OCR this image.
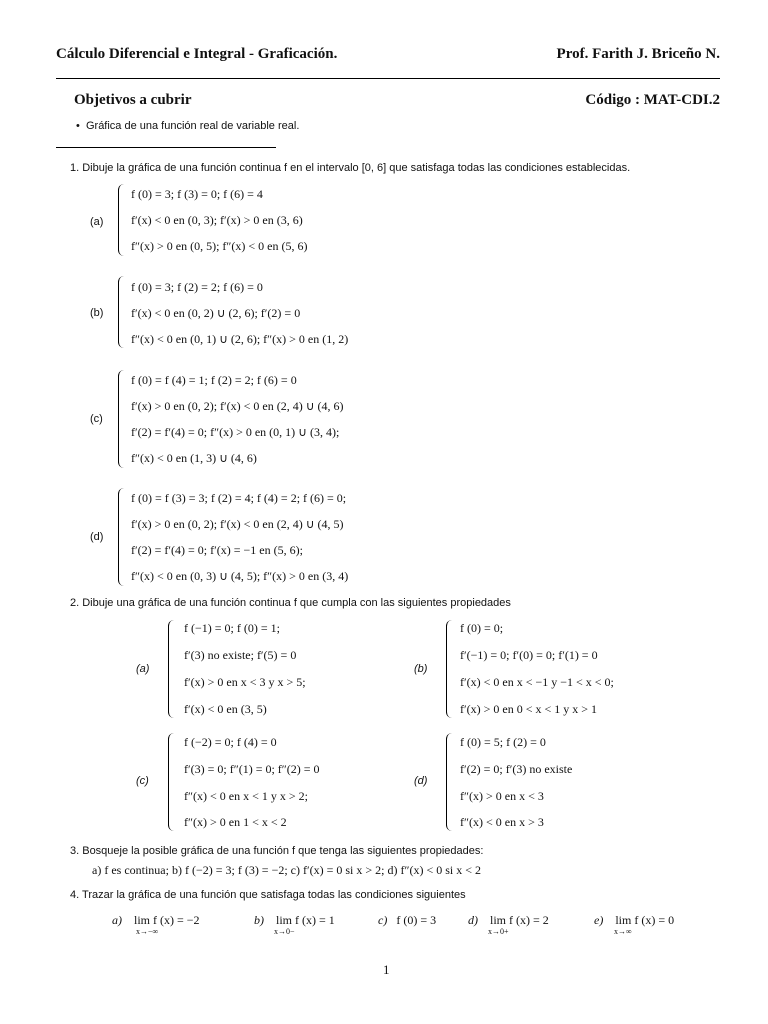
Cálculo Diferencial e Integral - Graficación.	Prof. Farith J. Briceño N.
Objetivos a cubrir	Código : MAT-CDI.2
•  Gráfica de una función real de variable real.
1. Dibuje la gráfica de una función continua f en el intervalo [0, 6] que satisfaga todas las condiciones establecidas.
(a)
f (0) = 3; f (3) = 0; f (6) = 4
f′(x) < 0 en (0, 3); f′(x) > 0 en (3, 6)
f″(x) > 0 en (0, 5); f″(x) < 0 en (5, 6)
(b)
f (0) = 3; f (2) = 2; f (6) = 0
f′(x) < 0 en (0, 2) ∪ (2, 6); f′(2) = 0
f″(x) < 0 en (0, 1) ∪ (2, 6); f″(x) > 0 en (1, 2)
(c)
f (0) = f (4) = 1; f (2) = 2; f (6) = 0
f′(x) > 0 en (0, 2); f′(x) < 0 en (2, 4) ∪ (4, 6)
f′(2) = f′(4) = 0; f″(x) > 0 en (0, 1) ∪ (3, 4);
f″(x) < 0 en (1, 3) ∪ (4, 6)
(d)
f (0) = f (3) = 3; f (2) = 4; f (4) = 2; f (6) = 0;
f′(x) > 0 en (0, 2); f′(x) < 0 en (2, 4) ∪ (4, 5)
f′(2) = f′(4) = 0; f′(x) = −1 en (5, 6);
f″(x) < 0 en (0, 3) ∪ (4, 5); f″(x) > 0 en (3, 4)
2. Dibuje una gráfica de una función continua f que cumpla con las siguientes propiedades
(a)
f (−1) = 0; f (0) = 1;
f′(3) no existe; f′(5) = 0
f′(x) > 0 en x < 3 y x > 5;
f′(x) < 0 en (3, 5)
(b)
f (0) = 0;
f′(−1) = 0; f′(0) = 0; f′(1) = 0
f′(x) < 0 en x < −1 y −1 < x < 0;
f′(x) > 0 en 0 < x < 1 y x > 1
(c)
f (−2) = 0; f (4) = 0
f′(3) = 0; f″(1) = 0; f″(2) = 0
f″(x) < 0 en x < 1 y x > 2;
f″(x) > 0 en 1 < x < 2
(d)
f (0) = 5; f (2) = 0
f′(2) = 0; f′(3) no existe
f″(x) > 0 en x < 3
f″(x) < 0 en x > 3
3. Bosqueje la posible gráfica de una función f que tenga las siguientes propiedades:
a) f es continua; b) f (−2) = 3; f (3) = −2; c) f′(x) = 0 si x > 2; d) f″(x) < 0 si x < 2
4. Trazar la gráfica de una función que satisfaga todas las condiciones siguientes
a) lim f (x) = −2
x→−∞
b) lim f (x) = 1
x→0−
c) f (0) = 3	d) lim f (x) = 2
x→0+
e) lim f (x) = 0
x→∞
1
